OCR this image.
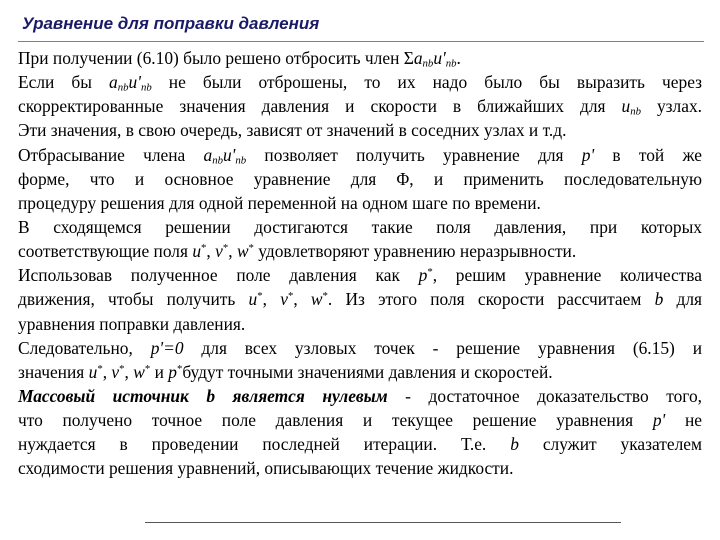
Уравнение для поправки давления
При получении (6.10) было решено отбросить член $\Sigma a_{nb}u'_{nb}$.
Если бы $a_{nb}u'_{nb}$ не были отброшены, то их надо было бы выразить через
скорректированные значения давления и скорости в ближайших для $u_{nb}$ узлах.
Эти значения, в свою очередь, зависят от значений в соседних узлах и т.д.
Отбрасывание члена $a_{nb}u'_{nb}$ позволяет получить уравнение для p' в той же
форме, что и основное уравнение для Φ, и применить последовательную
процедуру решения для одной переменной на одном шаге по времени.
В сходящемся решении достигаются такие поля давления, при которых
соответствующие поля u*, v*, w* удовлетворяют уравнению неразрывности.
Использовав полученное поле давления как p*, решим уравнение количества
движения, чтобы получить u*, v*, w*. Из этого поля скорости рассчитаем b для
уравнения поправки давления.
Следовательно, p'=0 для всех узловых точек - решение уравнения (6.15) и
значения u*, v*, w* и p*будут точными значениями давления и скоростей.
Массовый источник b является нулевым - достаточное доказательство того,
что получено точное поле давления и текущее решение уравнения p' не
нуждается в проведении последней итерации. Т.е. b служит указателем
сходимости решения уравнений, описывающих течение жидкости.
